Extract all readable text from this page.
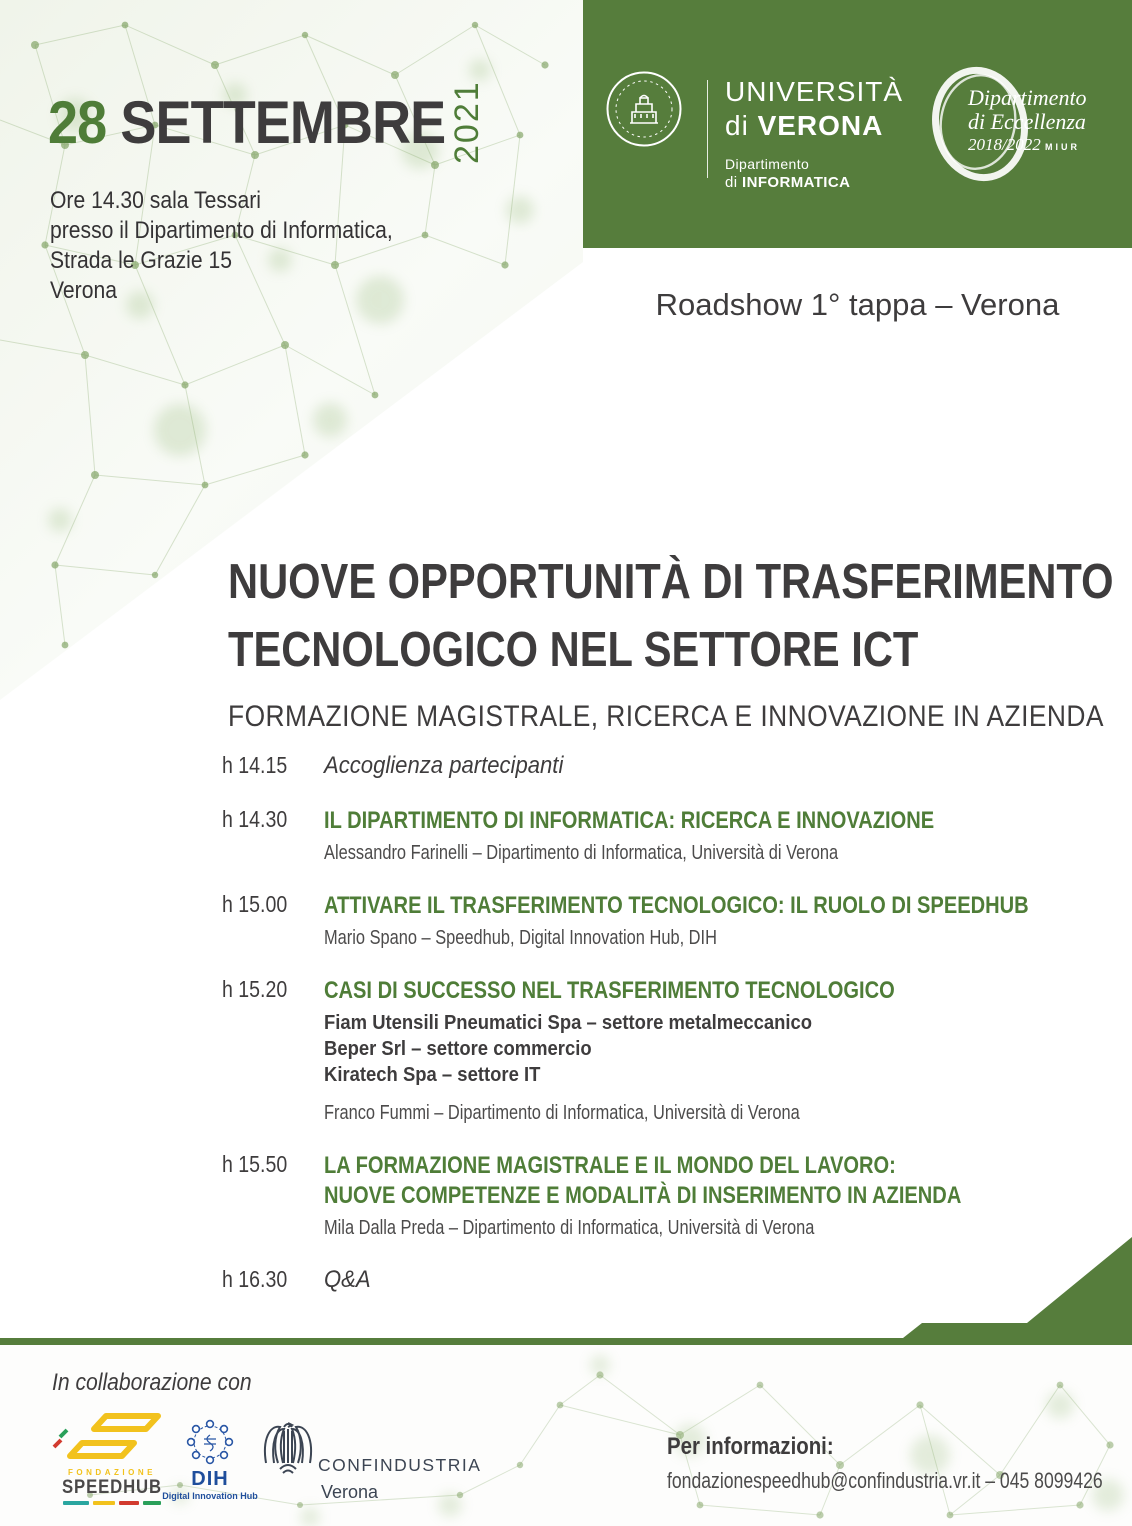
28 SETTEMBRE 2021
Ore 14.30 sala Tessari
presso il Dipartimento di Informatica,
Strada le Grazie 15
Verona
UNIVERSITÀ
di VERONA
Dipartimento
di INFORMATICA
Dipartimento
di Eccellenza
2018/2022 MIUR
Roadshow 1° tappa – Verona
NUOVE OPPORTUNITÀ DI TRASFERIMENTO
TECNOLOGICO NEL SETTORE ICT
FORMAZIONE MAGISTRALE, RICERCA E INNOVAZIONE IN AZIENDA
h 14.15	Accoglienza partecipanti
h 14.30	IL DIPARTIMENTO DI INFORMATICA: RICERCA E INNOVAZIONE
Alessandro Farinelli – Dipartimento di Informatica, Università di Verona
h 15.00	ATTIVARE IL TRASFERIMENTO TECNOLOGICO: IL RUOLO DI SPEEDHUB
Mario Spano – Speedhub, Digital Innovation Hub, DIH
h 15.20	CASI DI SUCCESSO NEL TRASFERIMENTO TECNOLOGICO
Fiam Utensili Pneumatici Spa – settore metalmeccanico
Beper Srl – settore commercio
Kiratech Spa – settore IT
Franco Fummi – Dipartimento di Informatica, Università di Verona
h 15.50	LA FORMAZIONE MAGISTRALE E IL MONDO DEL LAVORO:
NUOVE COMPETENZE E MODALITÀ DI INSERIMENTO IN AZIENDA
Mila Dalla Preda – Dipartimento di Informatica, Università di Verona
h 16.30	Q&A
In collaborazione con
FONDAZIONE
SPEEDHUB	DIH
Digital Innovation Hub
CONFINDUSTRIA
Verona
Per informazioni:
fondazionespeedhub@confindustria.vr.it – 045 8099426
